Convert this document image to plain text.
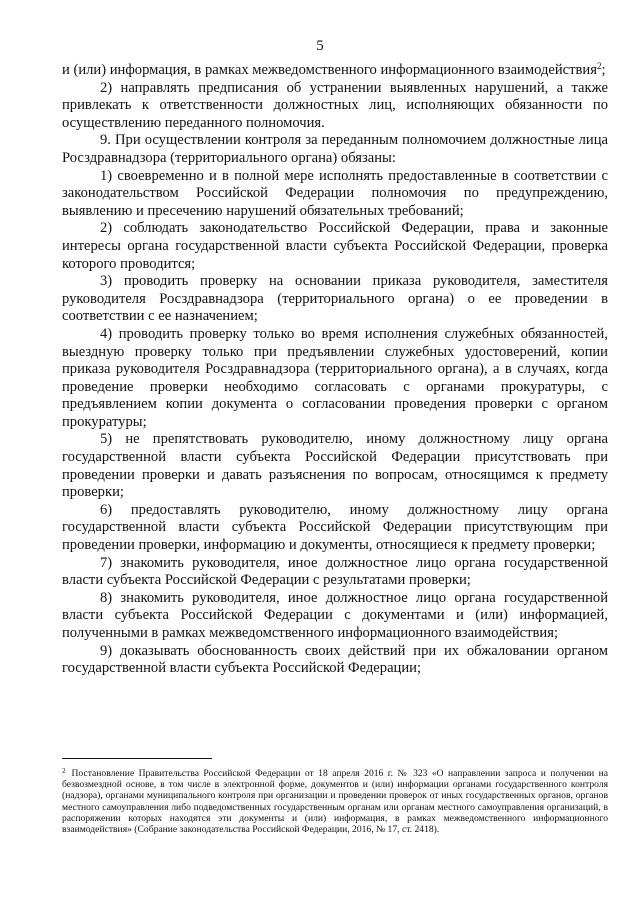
5

и (или) информация, в рамках межведомственного информационного взаимодействия$^2$;

2) направлять предписания об устранении выявленных нарушений, а также привлекать к ответственности должностных лиц, исполняющих обязанности по осуществлению переданного полномочия.

9. При осуществлении контроля за переданным полномочием должностные лица Росздравнадзора (территориального органа) обязаны:

1) своевременно и в полной мере исполнять предоставленные в соответствии с законодательством Российской Федерации полномочия по предупреждению, выявлению и пресечению нарушений обязательных требований;

2) соблюдать законодательство Российской Федерации, права и законные интересы органа государственной власти субъекта Российской Федерации, проверка которого проводится;

3) проводить проверку на основании приказа руководителя, заместителя руководителя Росздравнадзора (территориального органа) о ее проведении в соответствии с ее назначением;

4) проводить проверку только во время исполнения служебных обязанностей, выездную проверку только при предъявлении служебных удостоверений, копии приказа руководителя Росздравнадзора (территориального органа), а в случаях, когда проведение проверки необходимо согласовать с органами прокуратуры, с предъявлением копии документа о согласовании проведения проверки с органом прокуратуры;

5) не препятствовать руководителю, иному должностному лицу органа государственной власти субъекта Российской Федерации присутствовать при проведении проверки и давать разъяснения по вопросам, относящимся к предмету проверки;

6) предоставлять руководителю, иному должностному лицу органа государственной власти субъекта Российской Федерации присутствующим при проведении проверки, информацию и документы, относящиеся к предмету проверки;

7) знакомить руководителя, иное должностное лицо органа государственной власти субъекта Российской Федерации с результатами проверки;

8) знакомить руководителя, иное должностное лицо органа государственной власти субъекта Российской Федерации с документами и (или) информацией, полученными в рамках межведомственного информационного взаимодействия;

9) доказывать обоснованность своих действий при их обжаловании органом государственной власти субъекта Российской Федерации;

$^2$ Постановление Правительства Российской Федерации от 18 апреля 2016 г. № 323 «О направлении запроса и получении на безвозмездной основе, в том числе в электронной форме, документов и (или) информации органами государственного контроля (надзора), органами муниципального контроля при организации и проведении проверок от иных государственных органов, органов местного самоуправления либо подведомственных государственным органам или органам местного самоуправления организаций, в распоряжении которых находятся эти документы и (или) информация, в рамках межведомственного информационного взаимодействия» (Собрание законодательства Российской Федерации, 2016, № 17, ст. 2418).
